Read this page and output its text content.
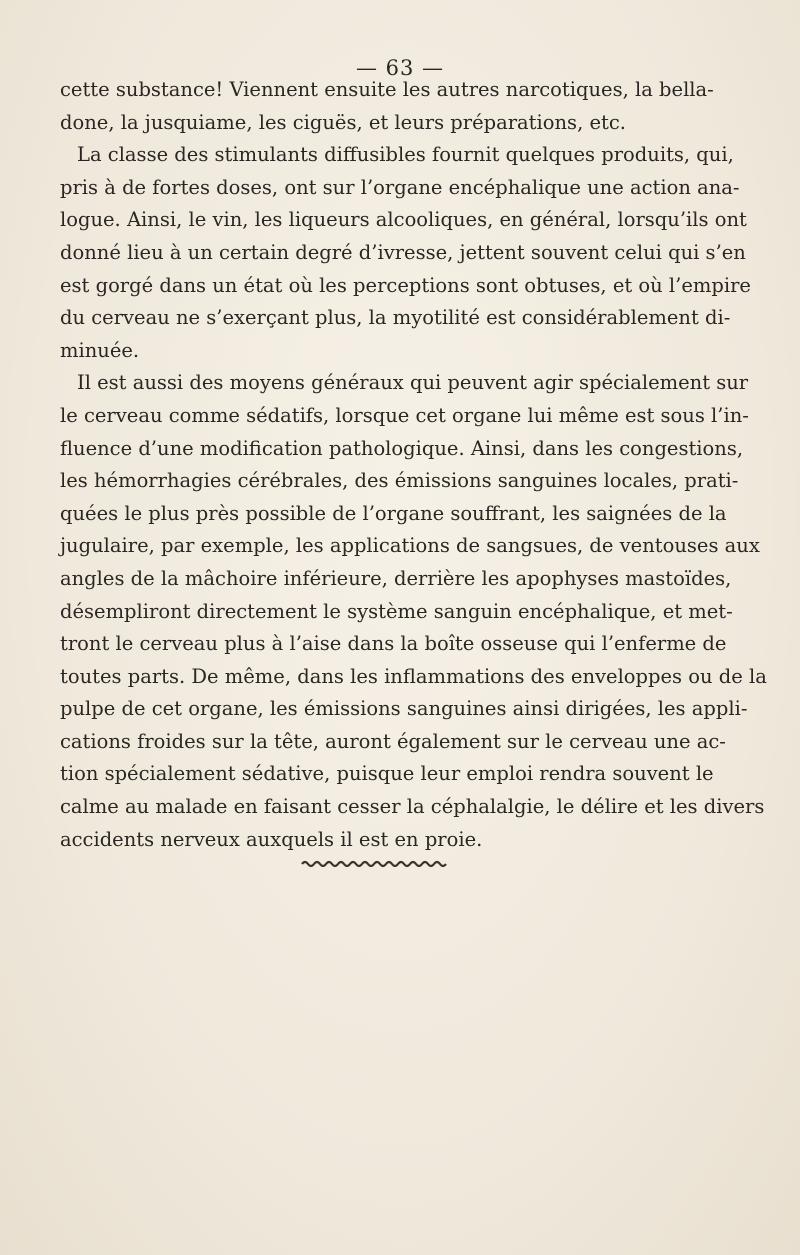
— 63 —
cette substance! Viennent ensuite les autres narcotiques, la bella-
done, la jusquiame, les ciguës, et leurs préparations, etc.
La classe des stimulants diffusibles fournit quelques produits, qui,
pris à de fortes doses, ont sur l’organe encéphalique une action ana-
logue. Ainsi, le vin, les liqueurs alcooliques, en général, lorsqu’ils ont
donné lieu à un certain degré d’ivresse, jettent souvent celui qui s’en
est gorgé dans un état où les perceptions sont obtuses, et où l’empire
du cerveau ne s’exerçant plus, la myotilité est considérablement di-
minuée.
Il est aussi des moyens généraux qui peuvent agir spécialement sur
le cerveau comme sédatifs, lorsque cet organe lui même est sous l’in-
fluence d’une modification pathologique. Ainsi, dans les congestions,
les hémorrhagies cérébrales, des émissions sanguines locales, prati-
quées le plus près possible de l’organe souffrant, les saignées de la
jugulaire, par exemple, les applications de sangsues, de ventouses aux
angles de la mâchoire inférieure, derrière les apophyses mastoïdes,
désempliront directement le système sanguin encéphalique, et met-
tront le cerveau plus à l’aise dans la boîte osseuse qui l’enferme de
toutes parts. De même, dans les inflammations des enveloppes ou de la
pulpe de cet organe, les émissions sanguines ainsi dirigées, les appli-
cations froides sur la tête, auront également sur le cerveau une ac-
tion spécialement sédative, puisque leur emploi rendra souvent le
calme au malade en faisant cesser la céphalalgie, le délire et les divers
accidents nerveux auxquels il est en proie.
